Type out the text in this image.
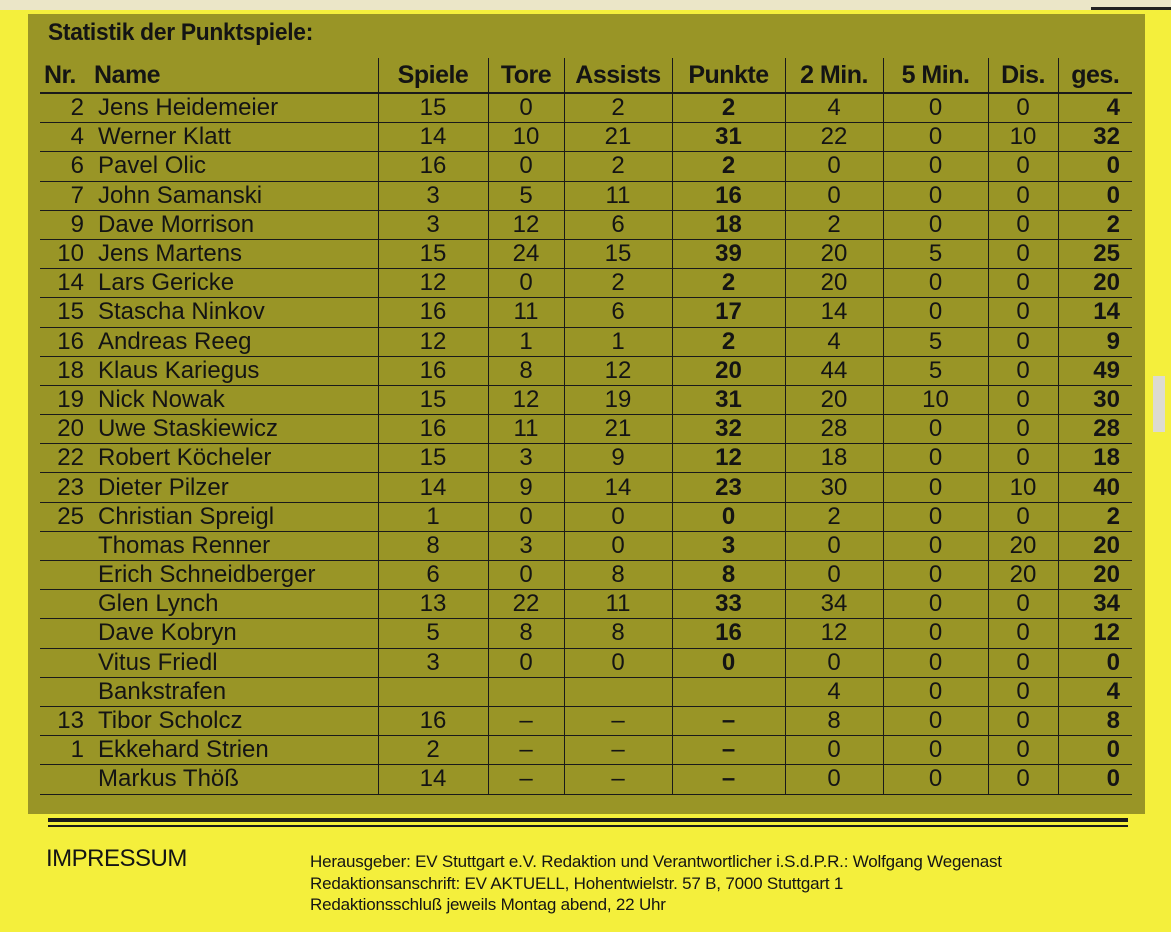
Statistik der Punktspiele:
Nr.	Name	Spiele	Tore	Assists	Punkte	2 Min.	5 Min.	Dis.	ges.
2	Jens Heidemeier	15	0	2	2	4	0	0	4
4	Werner Klatt	14	10	21	31	22	0	10	32
6	Pavel Olic	16	0	2	2	0	0	0	0
7	John Samanski	3	5	11	16	0	0	0	0
9	Dave Morrison	3	12	6	18	2	0	0	2
10	Jens Martens	15	24	15	39	20	5	0	25
14	Lars Gericke	12	0	2	2	20	0	0	20
15	Stascha Ninkov	16	11	6	17	14	0	0	14
16	Andreas Reeg	12	1	1	2	4	5	0	9
18	Klaus Kariegus	16	8	12	20	44	5	0	49
19	Nick Nowak	15	12	19	31	20	10	0	30
20	Uwe Staskiewicz	16	11	21	32	28	0	0	28
22	Robert Köcheler	15	3	9	12	18	0	0	18
23	Dieter Pilzer	14	9	14	23	30	0	10	40
25	Christian Spreigl	1	0	0	0	2	0	0	2
	Thomas Renner	8	3	0	3	0	0	20	20
	Erich Schneidberger	6	0	8	8	0	0	20	20
	Glen Lynch	13	22	11	33	34	0	0	34
	Dave Kobryn	5	8	8	16	12	0	0	12
	Vitus Friedl	3	0	0	0	0	0	0	0
	Bankstrafen					4	0	0	4
13	Tibor Scholcz	16	–	–	–	8	0	0	8
1	Ekkehard Strien	2	–	–	–	0	0	0	0
	Markus Thöß	14	–	–	–	0	0	0	0
IMPRESSUM	Herausgeber: EV Stuttgart e.V. Redaktion und Verantwortlicher i.S.d.P.R.: Wolfgang Wegenast
Redaktionsanschrift: EV AKTUELL, Hohentwielstr. 57 B, 7000 Stuttgart 1
Redaktionsschluß jeweils Montag abend, 22 Uhr
